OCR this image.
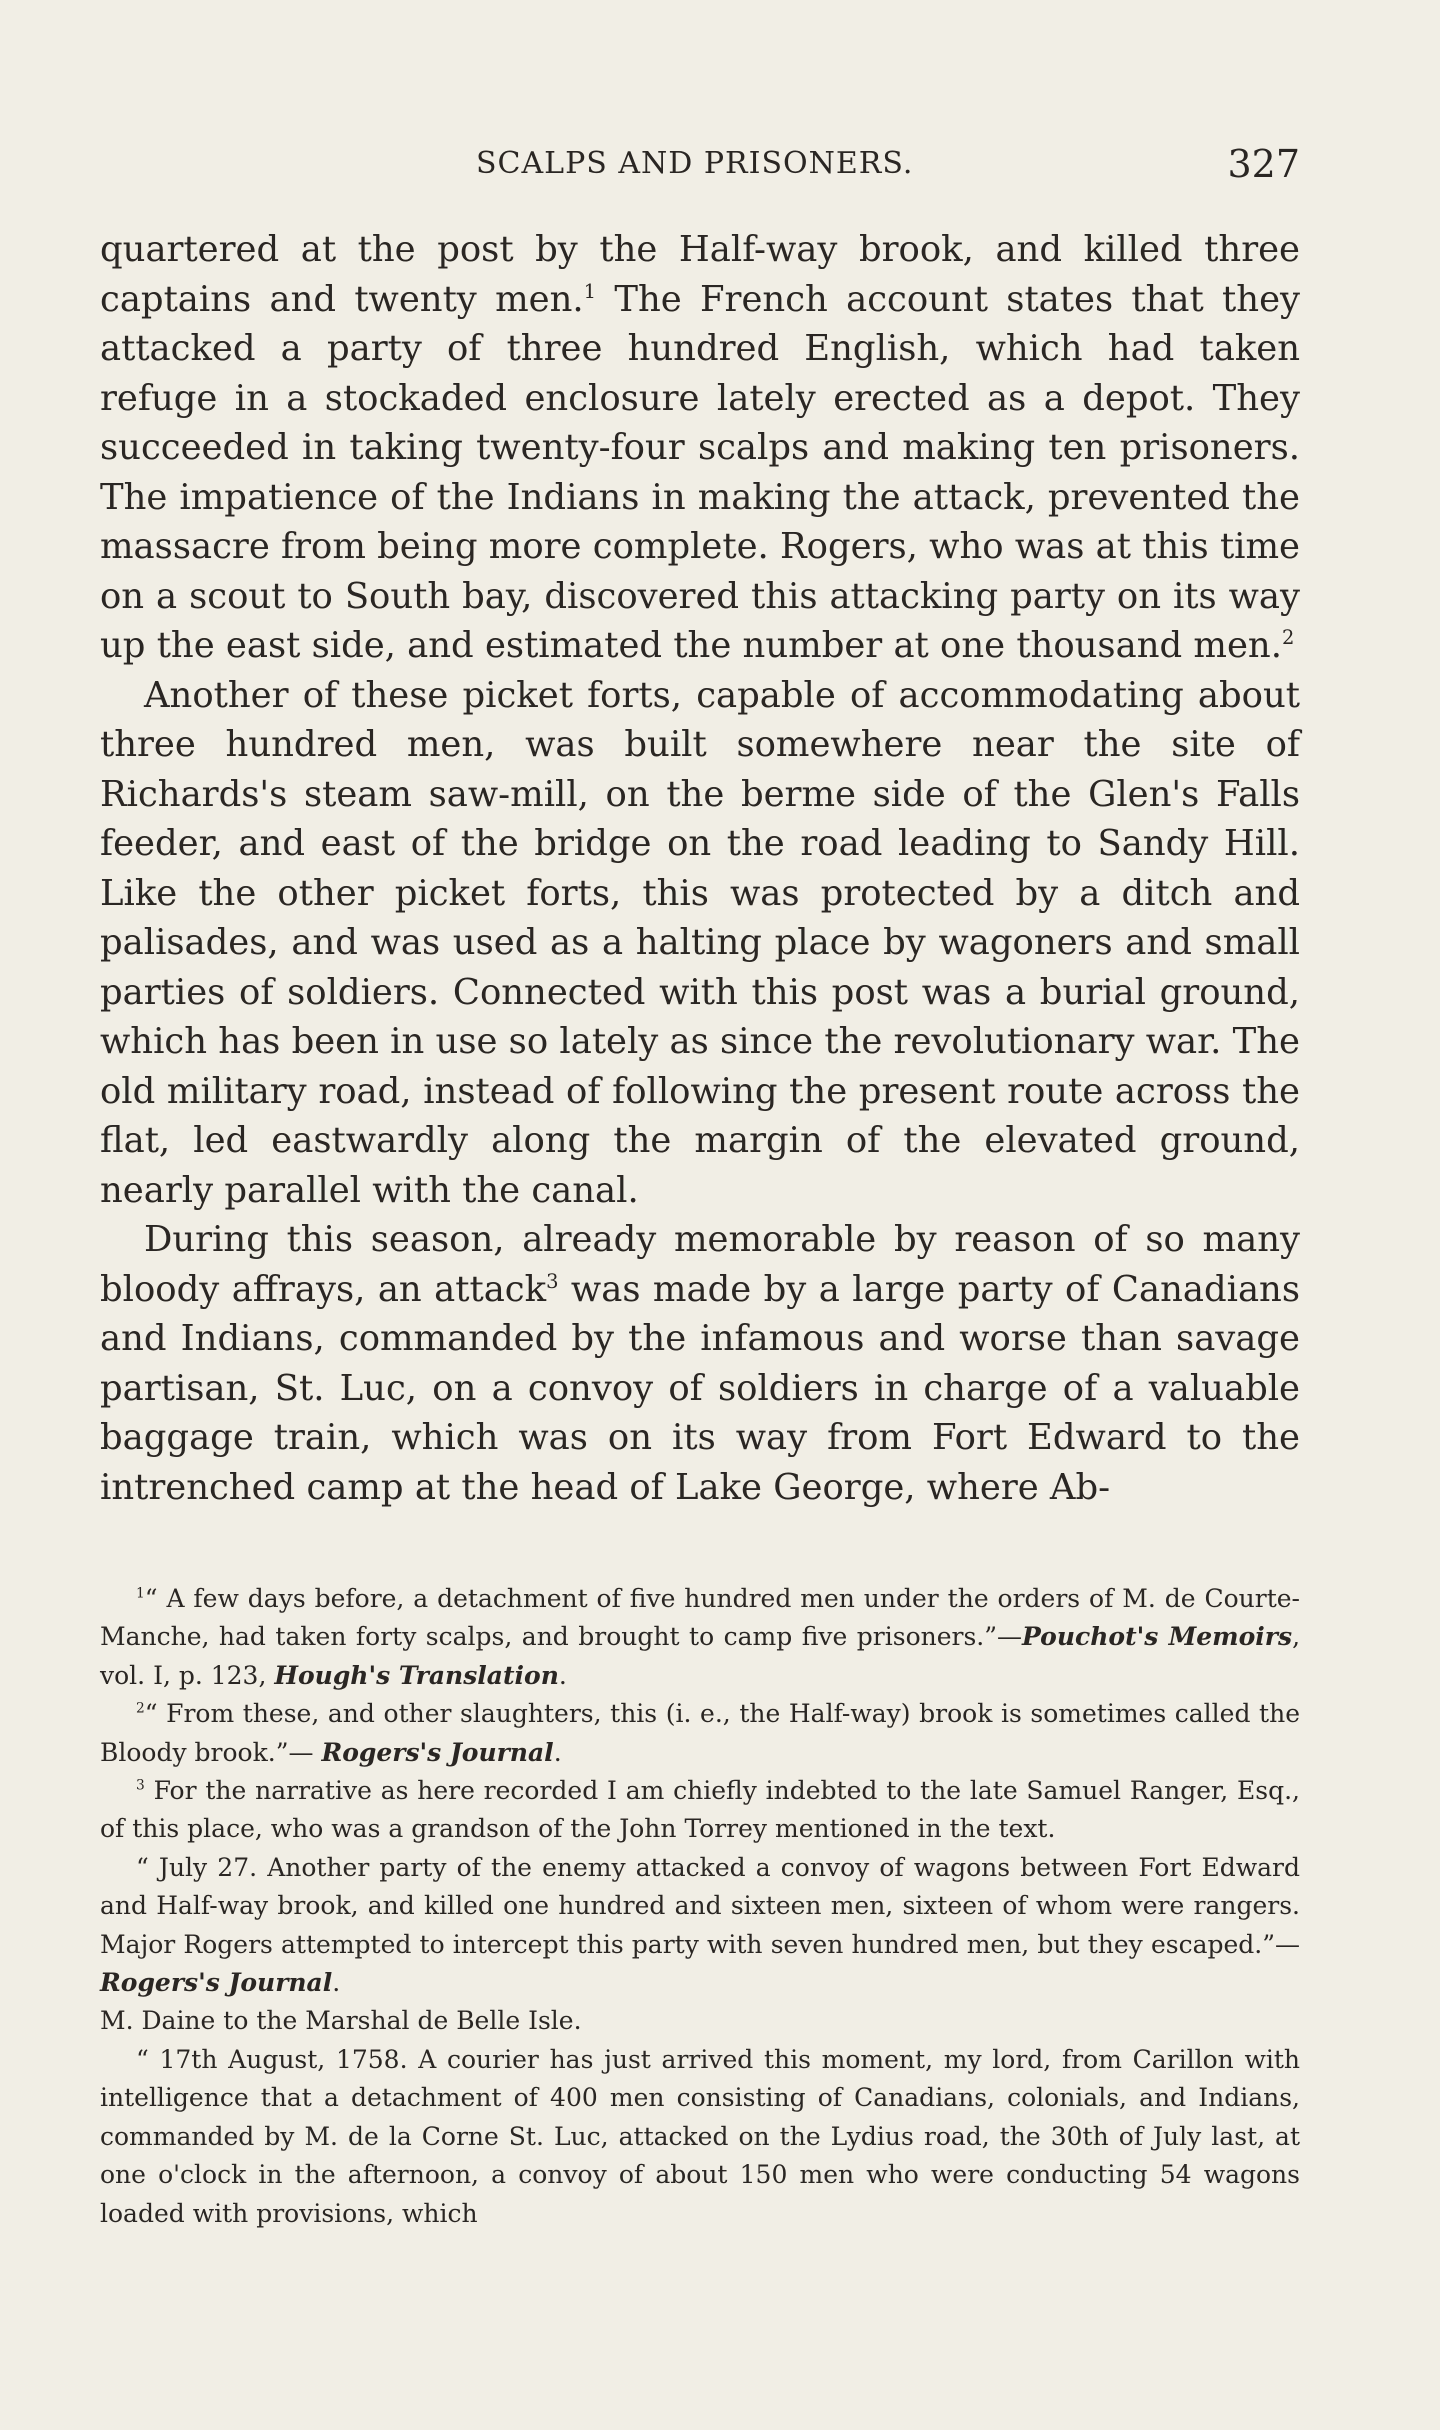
SCALPS AND PRISONERS.	327

quartered at the post by the Half-way brook, and killed three captains and twenty men.$^1$ The French account states that they attacked a party of three hundred English, which had taken refuge in a stockaded enclosure lately erected as a depot. They succeeded in taking twenty-four scalps and making ten prisoners. The impatience of the Indians in making the attack, prevented the massacre from being more complete. Rogers, who was at this time on a scout to South bay, discovered this attacking party on its way up the east side, and estimated the number at one thousand men.$^2$

Another of these picket forts, capable of accommodating about three hundred men, was built somewhere near the site of Richards's steam saw-mill, on the berme side of the Glen's Falls feeder, and east of the bridge on the road leading to Sandy Hill. Like the other picket forts, this was protected by a ditch and palisades, and was used as a halting place by wagoners and small parties of soldiers. Connected with this post was a burial ground, which has been in use so lately as since the revolutionary war. The old military road, instead of following the present route across the flat, led eastwardly along the margin of the elevated ground, nearly parallel with the canal.

During this season, already memorable by reason of so many bloody affrays, an attack$^3$ was made by a large party of Canadians and Indians, commanded by the infamous and worse than savage partisan, St. Luc, on a convoy of soldiers in charge of a valuable baggage train, which was on its way from Fort Edward to the intrenched camp at the head of Lake George, where Ab-

$^1$“ A few days before, a detachment of five hundred men under the orders of M. de Courte-Manche, had taken forty scalps, and brought to camp five prisoners.”—Pouchot's Memoirs, vol. I, p. 123, Hough's Translation.

$^2$“ From these, and other slaughters, this (i. e., the Half-way) brook is sometimes called the Bloody brook.”— Rogers's Journal.

$^3$ For the narrative as here recorded I am chiefly indebted to the late Samuel Ranger, Esq., of this place, who was a grandson of the John Torrey mentioned in the text.

“ July 27. Another party of the enemy attacked a convoy of wagons between Fort Edward and Half-way brook, and killed one hundred and sixteen men, sixteen of whom were rangers. Major Rogers attempted to intercept this party with seven hundred men, but they escaped.”—Rogers's Journal.

M. Daine to the Marshal de Belle Isle.

“ 17th August, 1758. A courier has just arrived this moment, my lord, from Carillon with intelligence that a detachment of 400 men consisting of Canadians, colonials, and Indians, commanded by M. de la Corne St. Luc, attacked on the Lydius road, the 30th of July last, at one o'clock in the afternoon, a convoy of about 150 men who were conducting 54 wagons loaded with provisions, which
